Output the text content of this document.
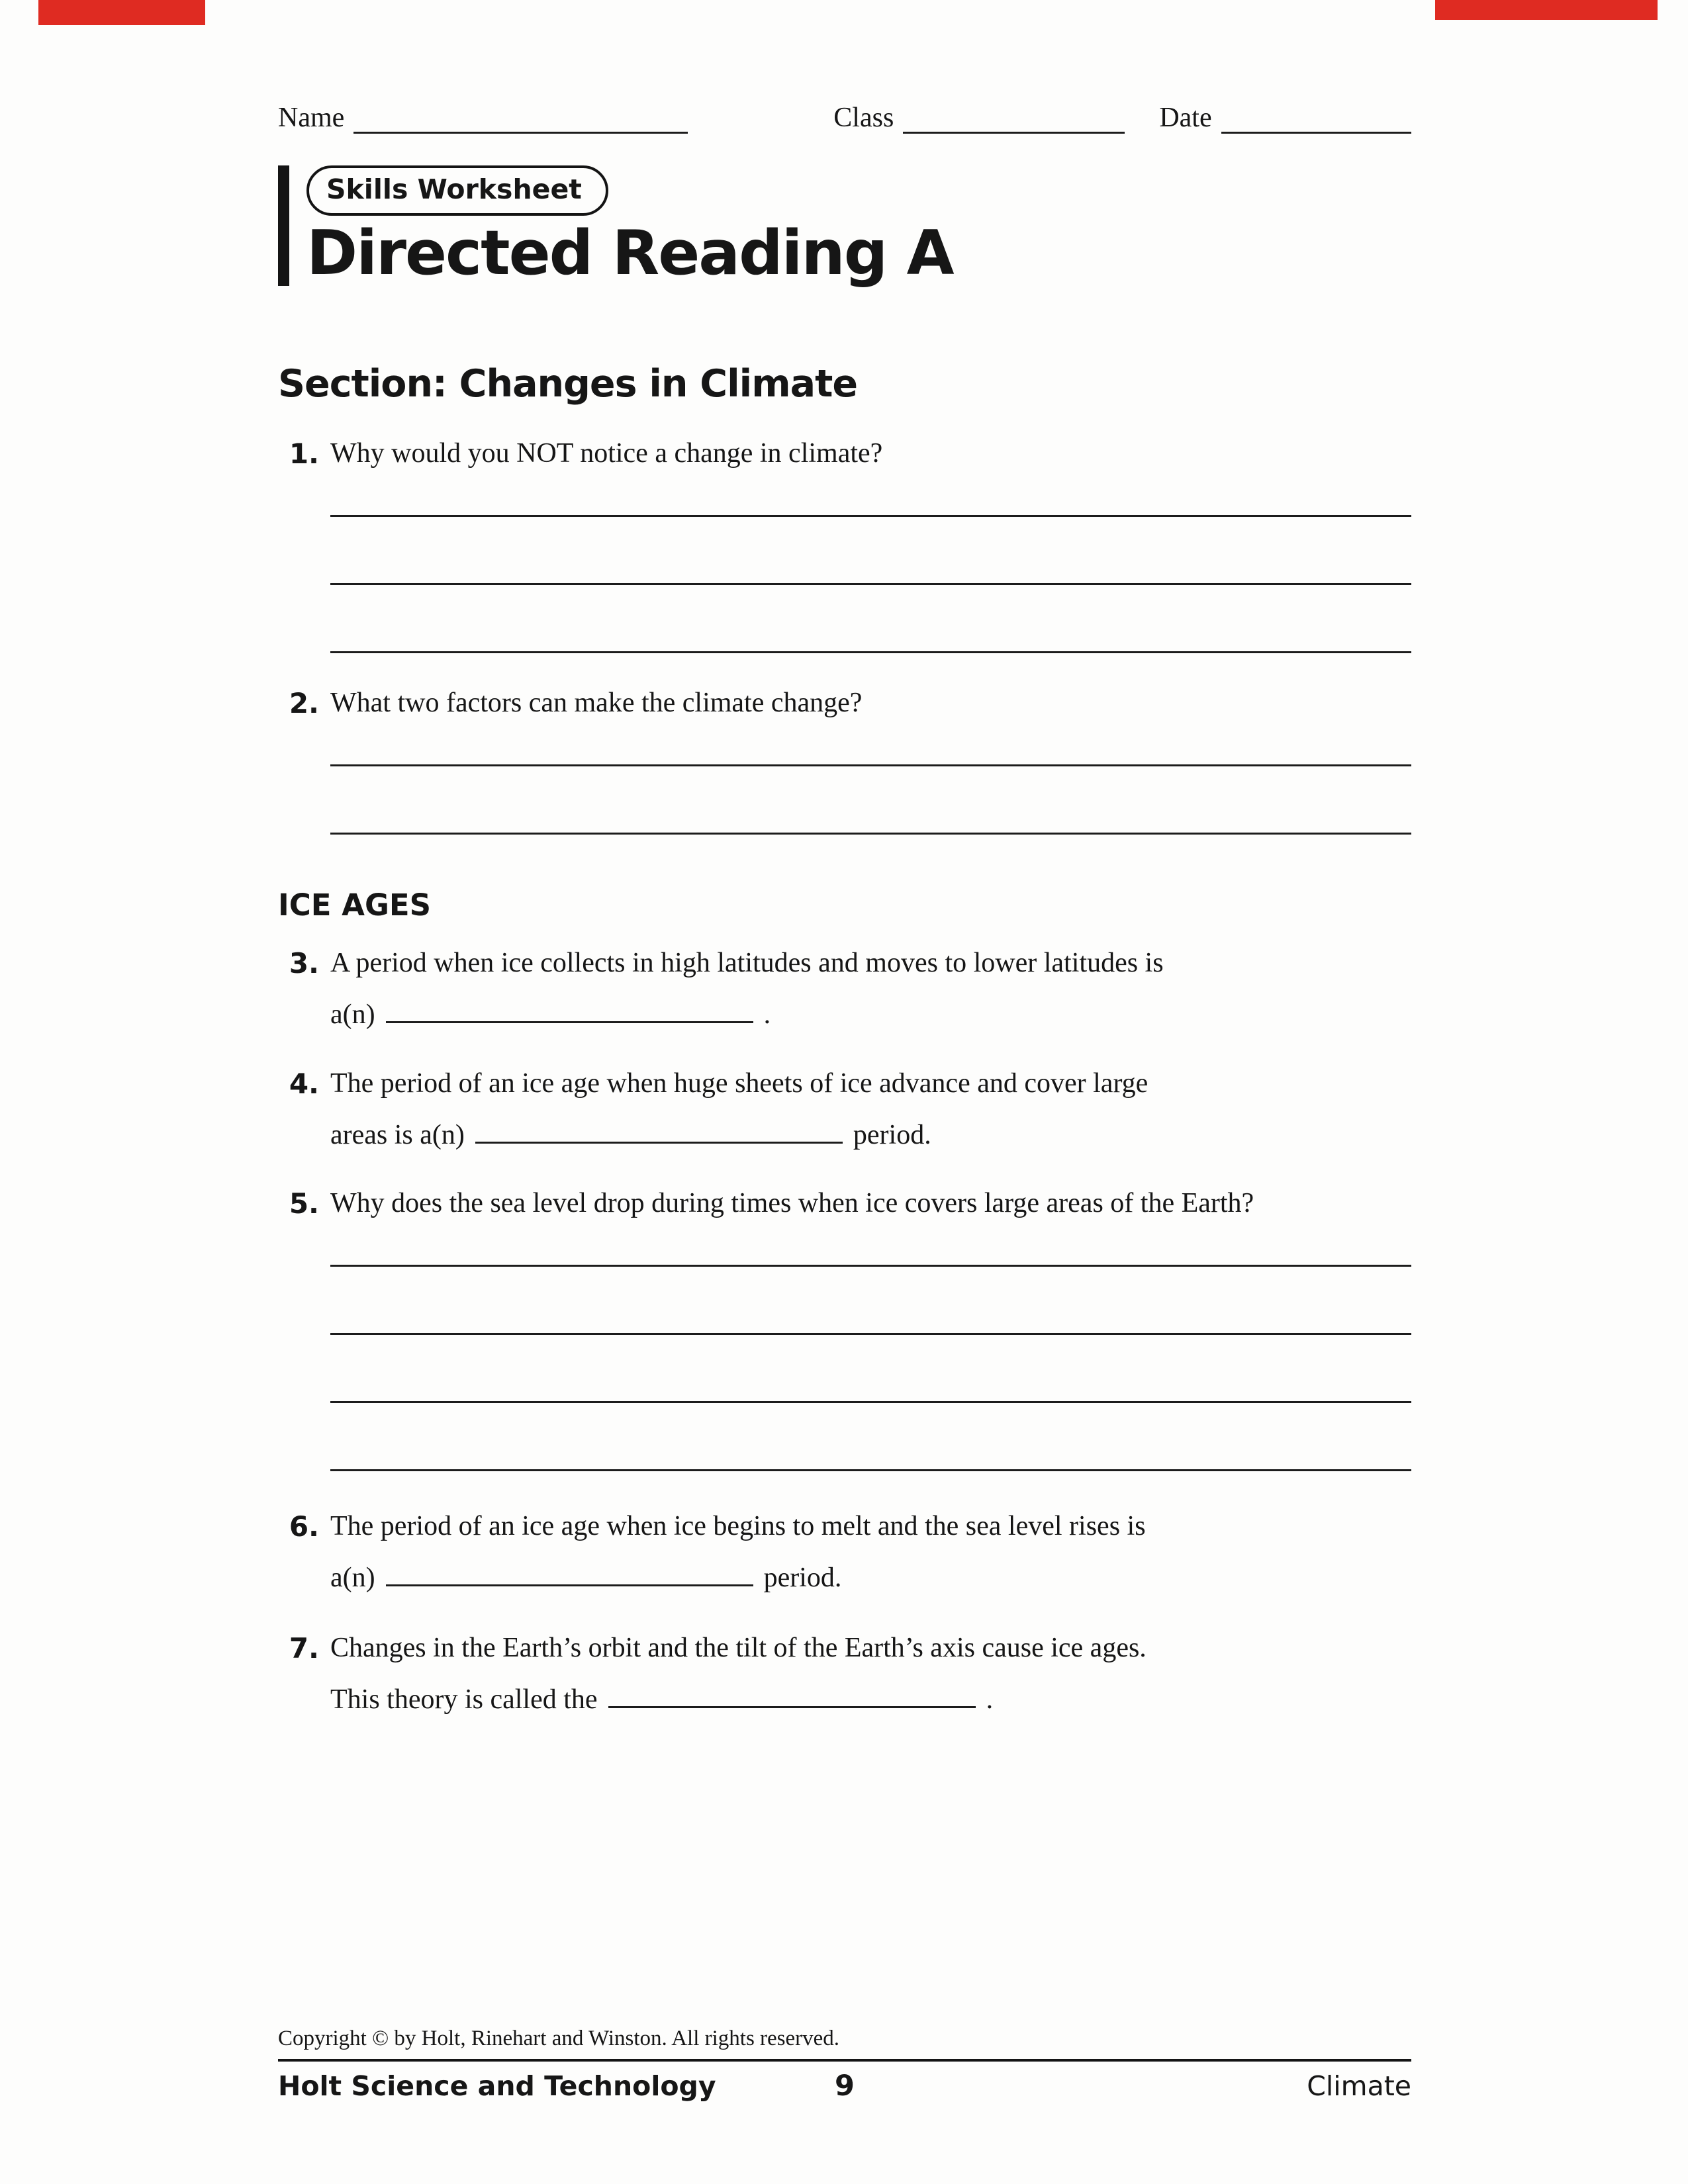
Name	Class	Date
Skills Worksheet
Directed Reading A
Section: Changes in Climate
1. Why would you NOT notice a change in climate?
2. What two factors can make the climate change?
ICE AGES
3. A period when ice collects in high latitudes and moves to lower latitudes is
a(n)	.
4. The period of an ice age when huge sheets of ice advance and cover large
areas is a(n)	period.
5. Why does the sea level drop during times when ice covers large areas of the Earth?
6. The period of an ice age when ice begins to melt and the sea level rises is
a(n)	period.
7. Changes in the Earth’s orbit and the tilt of the Earth’s axis cause ice ages.
This theory is called the	.
Copyright © by Holt, Rinehart and Winston. All rights reserved.
Holt Science and Technology	9	Climate
